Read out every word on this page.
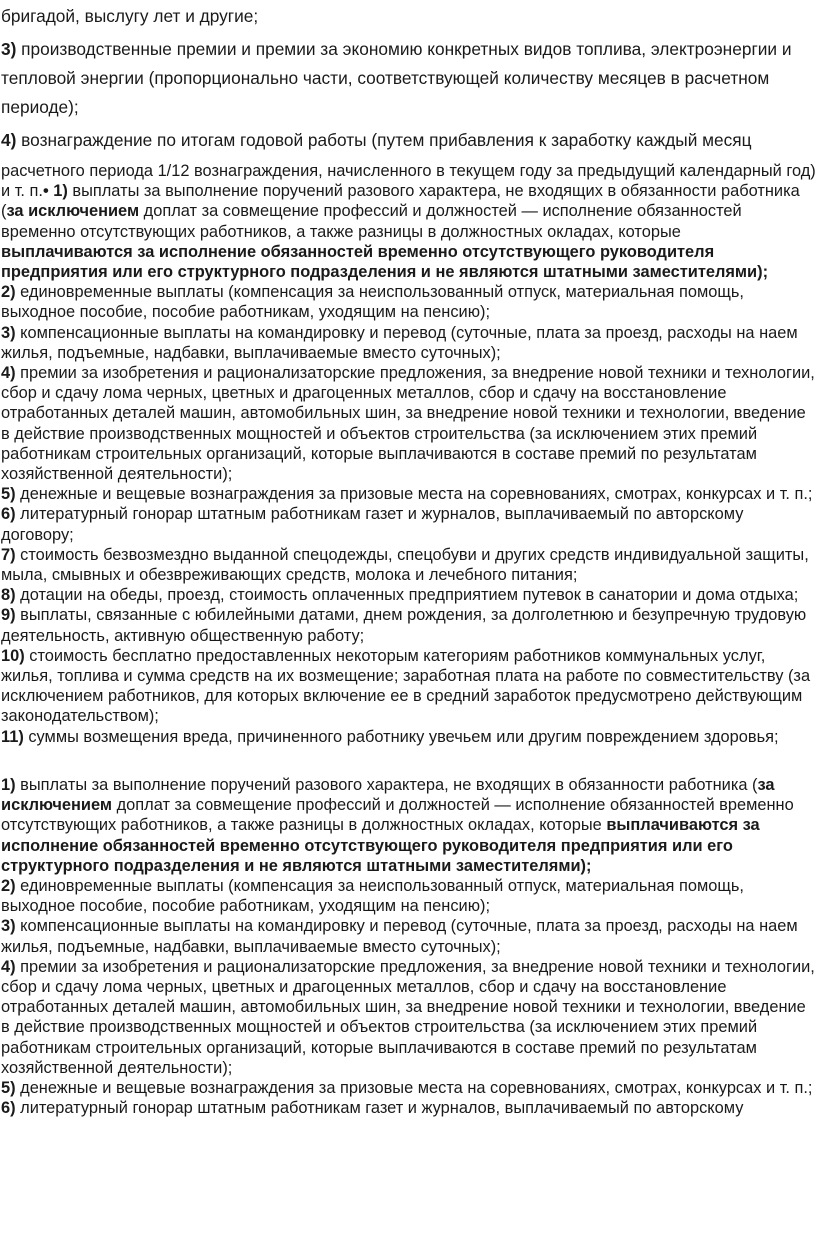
бригадой, выслугу лет и другие;

3) производственные премии и премии за экономию конкретных видов топлива, электроэнергии и тепловой энергии (пропорционально части, соответствующей количеству месяцев в расчетном периоде);

4) вознаграждение по итогам годовой работы (путем прибавления к заработку каждый месяц

расчетного периода 1/12 вознаграждения, начисленного в текущем году за предыдущий календарный год) и т. п.• 1) выплаты за выполнение поручений разового характера, не входящих в обязанности работника (за исключением доплат за совмещение профессий и должностей — исполнение обязанностей временно отсутствующих работников, а также разницы в должностных окладах, которые выплачиваются за исполнение обязанностей временно отсутствующего руководителя предприятия или его структурного подразделения и не являются штатными заместителями);

2) единовременные выплаты (компенсация за неиспользованный отпуск, материальная помощь, выходное пособие, пособие работникам, уходящим на пенсию);

3) компенсационные выплаты на командировку и перевод (суточные, плата за проезд, расходы на наем жилья, подъемные, надбавки, выплачиваемые вместо суточных);

4) премии за изобретения и рационализаторские предложения, за внедрение новой техники и технологии, сбор и сдачу лома черных, цветных и драгоценных металлов, сбор и сдачу на восстановление отработанных деталей машин, автомобильных шин, за внедрение новой техники и технологии, введение в действие производственных мощностей и объектов строительства (за исключением этих премий работникам строительных организаций, которые выплачиваются в составе премий по результатам хозяйственной деятельности);

5) денежные и вещевые вознаграждения за призовые места на соревнованиях, смотрах, конкурсах и т. п.;

6) литературный гонорар штатным работникам газет и журналов, выплачиваемый по авторскому договору;

7) стоимость безвозмездно выданной спецодежды, спецобуви и других средств индивидуальной защиты, мыла, смывных и обезвреживающих средств, молока и лечебного питания;

8) дотации на обеды, проезд, стоимость оплаченных предприятием путевок в санатории и дома отдыха;

9) выплаты, связанные с юбилейными датами, днем рождения, за долголетнюю и безупречную трудовую деятельность, активную общественную работу;

10) стоимость бесплатно предоставленных некоторым категориям работников коммунальных услуг, жилья, топлива и сумма средств на их возмещение; заработная плата на работе по совместительству (за исключением работников, для которых включение ее в средний заработок предусмотрено действующим законодательством);

11) суммы возмещения вреда, причиненного работнику увечьем или другим повреждением здоровья;

1) выплаты за выполнение поручений разового характера, не входящих в обязанности работника (за исключением доплат за совмещение профессий и должностей — исполнение обязанностей временно отсутствующих работников, а также разницы в должностных окладах, которые выплачиваются за исполнение обязанностей временно отсутствующего руководителя предприятия или его структурного подразделения и не являются штатными заместителями);

2) единовременные выплаты (компенсация за неиспользованный отпуск, материальная помощь, выходное пособие, пособие работникам, уходящим на пенсию);

3) компенсационные выплаты на командировку и перевод (суточные, плата за проезд, расходы на наем жилья, подъемные, надбавки, выплачиваемые вместо суточных);

4) премии за изобретения и рационализаторские предложения, за внедрение новой техники и технологии, сбор и сдачу лома черных, цветных и драгоценных металлов, сбор и сдачу на восстановление отработанных деталей машин, автомобильных шин, за внедрение новой техники и технологии, введение в действие производственных мощностей и объектов строительства (за исключением этих премий работникам строительных организаций, которые выплачиваются в составе премий по результатам хозяйственной деятельности);

5) денежные и вещевые вознаграждения за призовые места на соревнованиях, смотрах, конкурсах и т. п.;

6) литературный гонорар штатным работникам газет и журналов, выплачиваемый по авторскому
